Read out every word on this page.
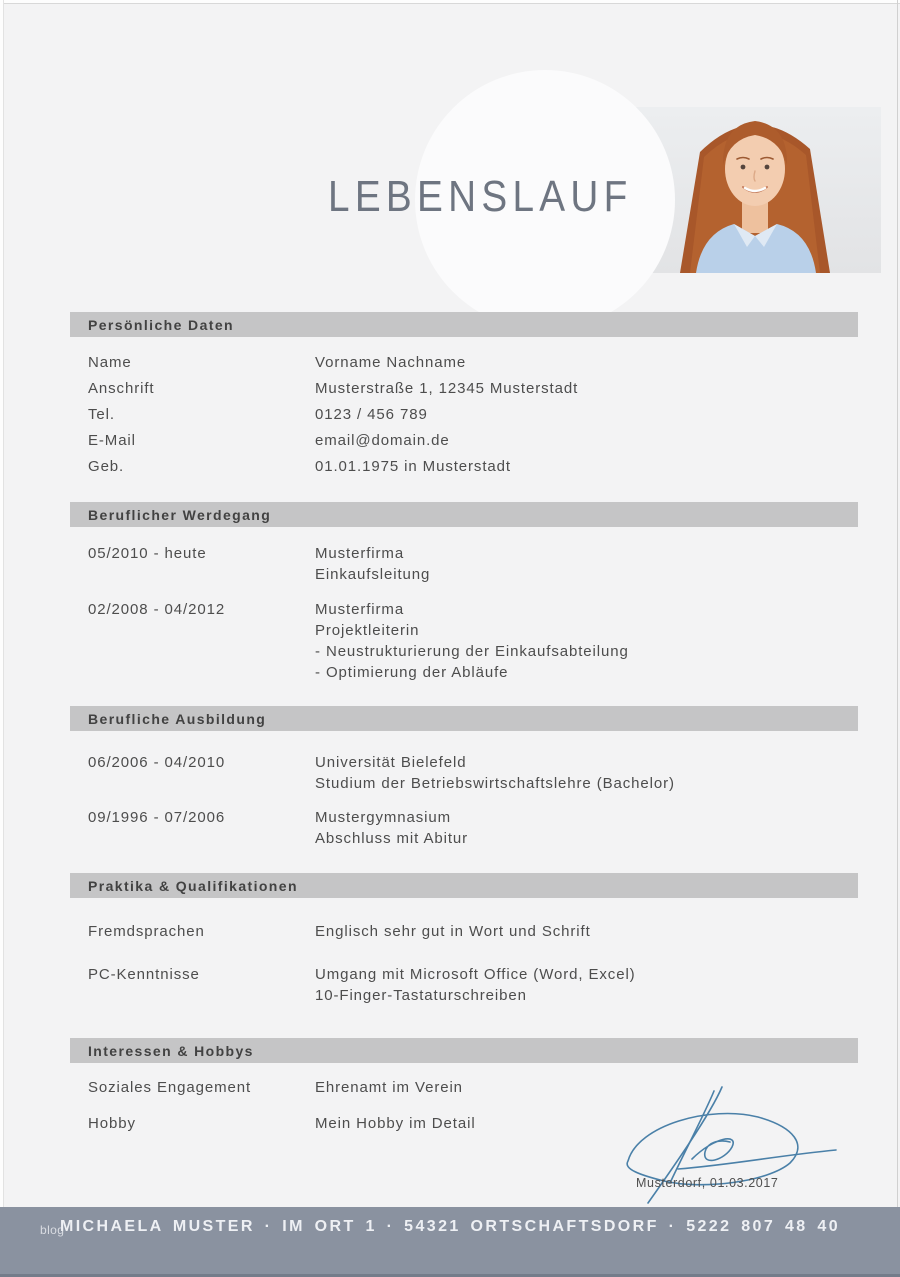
LEBENSLAUF
Persönliche Daten
Name	Vorname Nachname
Anschrift	Musterstraße 1, 12345 Musterstadt
Tel.	0123 / 456 789
E-Mail	email@domain.de
Geb.	01.01.1975 in Musterstadt
Beruflicher Werdegang
05/2010 - heute	Musterfirma
Einkaufsleitung
02/2008 - 04/2012	Musterfirma
Projektleiterin
- Neustrukturierung der Einkaufsabteilung
- Optimierung der Abläufe
Berufliche Ausbildung
06/2006 - 04/2010	Universität Bielefeld
Studium der Betriebswirtschaftslehre (Bachelor)
09/1996 - 07/2006	Mustergymnasium
Abschluss mit Abitur
Praktika & Qualifikationen
Fremdsprachen	Englisch sehr gut in Wort und Schrift
PC-Kenntnisse	Umgang mit Microsoft Office (Word, Excel)
10-Finger-Tastaturschreiben
Interessen & Hobbys
Soziales Engagement	Ehrenamt im Verein
Hobby	Mein Hobby im Detail
Musterdorf, 01.03.2017
blog
MICHAELA MUSTER · IM ORT 1 · 54321 ORTSCHAFTSDORF · 5222 807 48 40
